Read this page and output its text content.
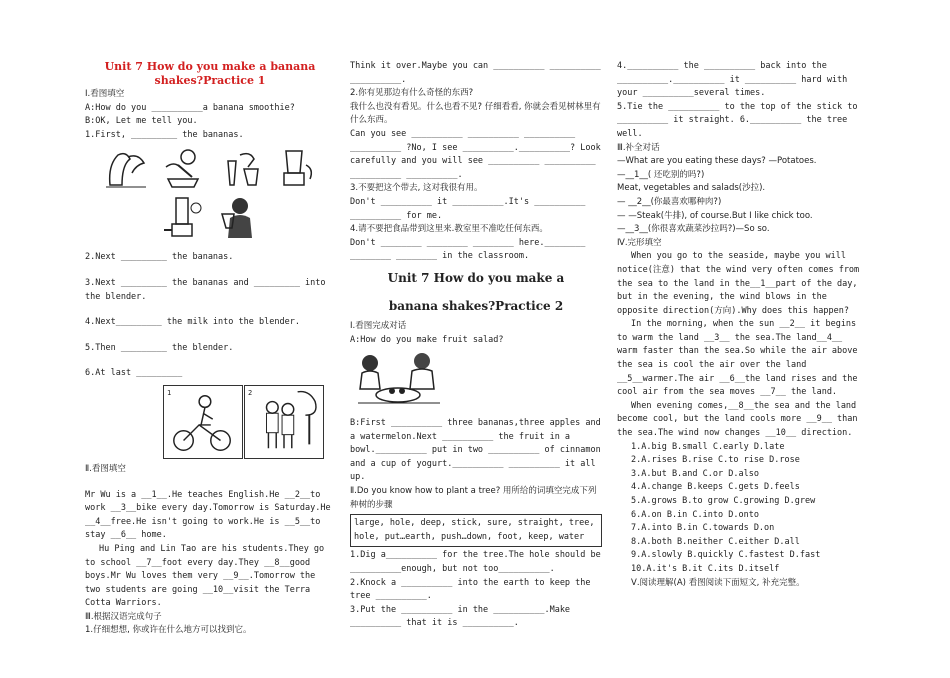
Unit 7 How do you make a banana

shakes?Practice 1

Ⅰ.看图填空

A:How do you __________a banana smoothie?

B:OK, Let me tell you.

1.First, _________ the bananas.

2.Next _________ the bananas.

3.Next _________ the bananas and _________ into the blender.

4.Next_________ the milk into the blender.

5.Then _________ the blender.

6.At last _________

1	2

Ⅱ.看图填空

Mr Wu is a __1__.He teaches English.He __2__to work __3__bike every day.Tomorrow is Saturday.He __4__free.He isn't going to work.He is __5__to stay __6__ home.

Hu Ping and Lin Tao are his students.They go to school __7__foot every day.They __8__good boys.Mr Wu loves them very __9__.Tomorrow the two students are going __10__visit the Terra Cotta Warriors.

Ⅲ.根据汉语完成句子

1.仔细想想, 你或许在什么地方可以找到它。

Think it over.Maybe you can __________ __________ __________.

2.你有见那边有什么奇怪的东西?

我什么也没有看见。什么也看不见? 仔细看看, 你就会看见树林里有什么东西。

Can you see __________ __________ __________ __________ ?No, I see __________.__________? Look carefully and you will see __________ __________ __________ __________.

3.不要把这个带去, 这对我很有用。

Don't __________ it __________.It's __________ __________ for me.

4.请不要把食品带到这里来.教室里不准吃任何东西。

Don't ________ ________ ________ here.________ ________ ________ in the classroom.

Unit 7 How do you make a

banana shakes?Practice 2

Ⅰ.看图完成对话

A:How do you make fruit salad?

B:First __________ three bananas,three apples and a watermelon.Next __________ the fruit in a bowl.__________ put in two __________ of cinnamon and a cup of yogurt.__________ __________ it all up.

Ⅱ.Do you know how to plant a tree? 用所给的词填空完成下列种树的步骤

large, hole, deep, stick, sure, straight, tree, hole, put…earth, push…down, foot, keep, water

1.Dig a__________ for the tree.The hole should be __________enough, but not too__________.

2.Knock a __________ into the earth to keep the tree __________.

3.Put the __________ in the __________.Make __________ that it is __________.

4.__________ the __________ back into the __________.__________ it __________ hard with your __________several times.

5.Tie the __________ to the top of the stick to __________ it straight. 6.__________ the tree well.

Ⅲ.补全对话

—What are you eating these days? —Potatoes.

—__1__( 还吃别的吗?)

Meat, vegetables and salads(沙拉).

— __2__(你最喜欢哪种肉?)

— —Steak(牛排), of course.But I like chick too.

—__3__(你很喜欢蔬菜沙拉吗?)—So so.

Ⅳ.完形填空

When you go to the seaside, maybe you will notice(注意) that the wind very often comes from the sea to the land in the__1__part of the day, but in the evening, the wind blows in the opposite direction(方向).Why does this happen?

In the morning, when the sun __2__ it begins to warm the land __3__ the sea.The land__4__ warm faster than the sea.So while the air above the sea is cool the air over the land __5__warmer.The air __6__the land rises and the cool air from the sea moves __7__ the land.

When evening comes,__8__the sea and the land become cool, but the land cools more __9__ than the sea.The wind now changes __10__ direction.

1.A.big B.small C.early D.late

2.A.rises B.rise C.to rise D.rose

3.A.but B.and C.or D.also

4.A.change B.keeps C.gets D.feels

5.A.grows B.to grow C.growing D.grew

6.A.on B.in C.into D.onto

7.A.into B.in C.towards D.on

8.A.both B.neither C.either D.all

9.A.slowly B.quickly C.fastest D.fast

10.A.it's B.it C.its D.itself

Ⅴ.阅读理解(A) 看图阅读下面短文, 补充完整。
